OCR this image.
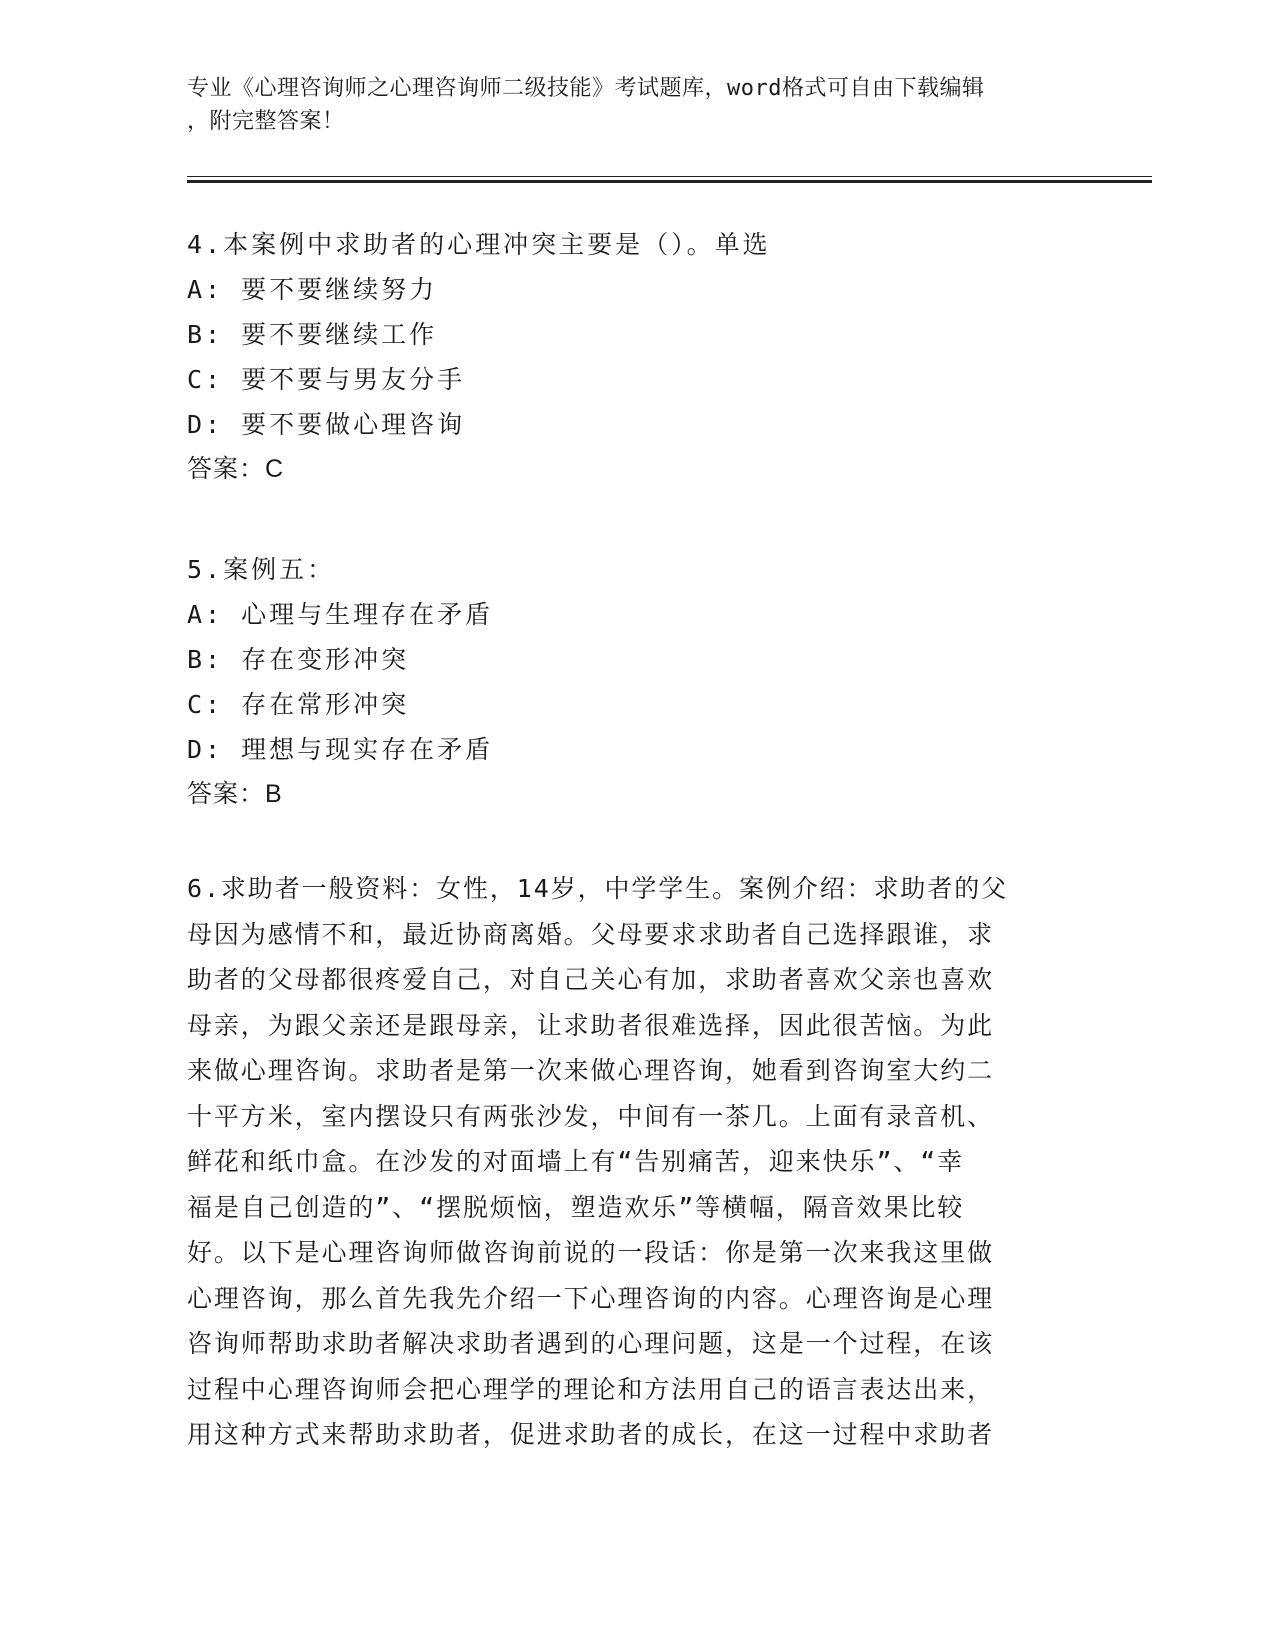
专业《心理咨询师之心理咨询师二级技能》考试题库，word格式可自由下载编辑
，附完整答案！
4.本案例中求助者的心理冲突主要是（）。单选
A: 要不要继续努力
B: 要不要继续工作
C: 要不要与男友分手
D: 要不要做心理咨询
答案：C
5.案例五：
A: 心理与生理存在矛盾
B: 存在变形冲突
C: 存在常形冲突
D: 理想与现实存在矛盾
答案：B
6.求助者一般资料：女性，14岁，中学学生。案例介绍：求助者的父
母因为感情不和，最近协商离婚。父母要求求助者自己选择跟谁，求
助者的父母都很疼爱自己，对自己关心有加，求助者喜欢父亲也喜欢
母亲，为跟父亲还是跟母亲，让求助者很难选择，因此很苦恼。为此
来做心理咨询。求助者是第一次来做心理咨询，她看到咨询室大约二
十平方米，室内摆设只有两张沙发，中间有一茶几。上面有录音机、
鲜花和纸巾盒。在沙发的对面墙上有“告别痛苦，迎来快乐”、“幸
福是自己创造的”、“摆脱烦恼，塑造欢乐”等横幅，隔音效果比较
好。以下是心理咨询师做咨询前说的一段话：你是第一次来我这里做
心理咨询，那么首先我先介绍一下心理咨询的内容。心理咨询是心理
咨询师帮助求助者解决求助者遇到的心理问题，这是一个过程，在该
过程中心理咨询师会把心理学的理论和方法用自己的语言表达出来，
用这种方式来帮助求助者，促进求助者的成长，在这一过程中求助者
